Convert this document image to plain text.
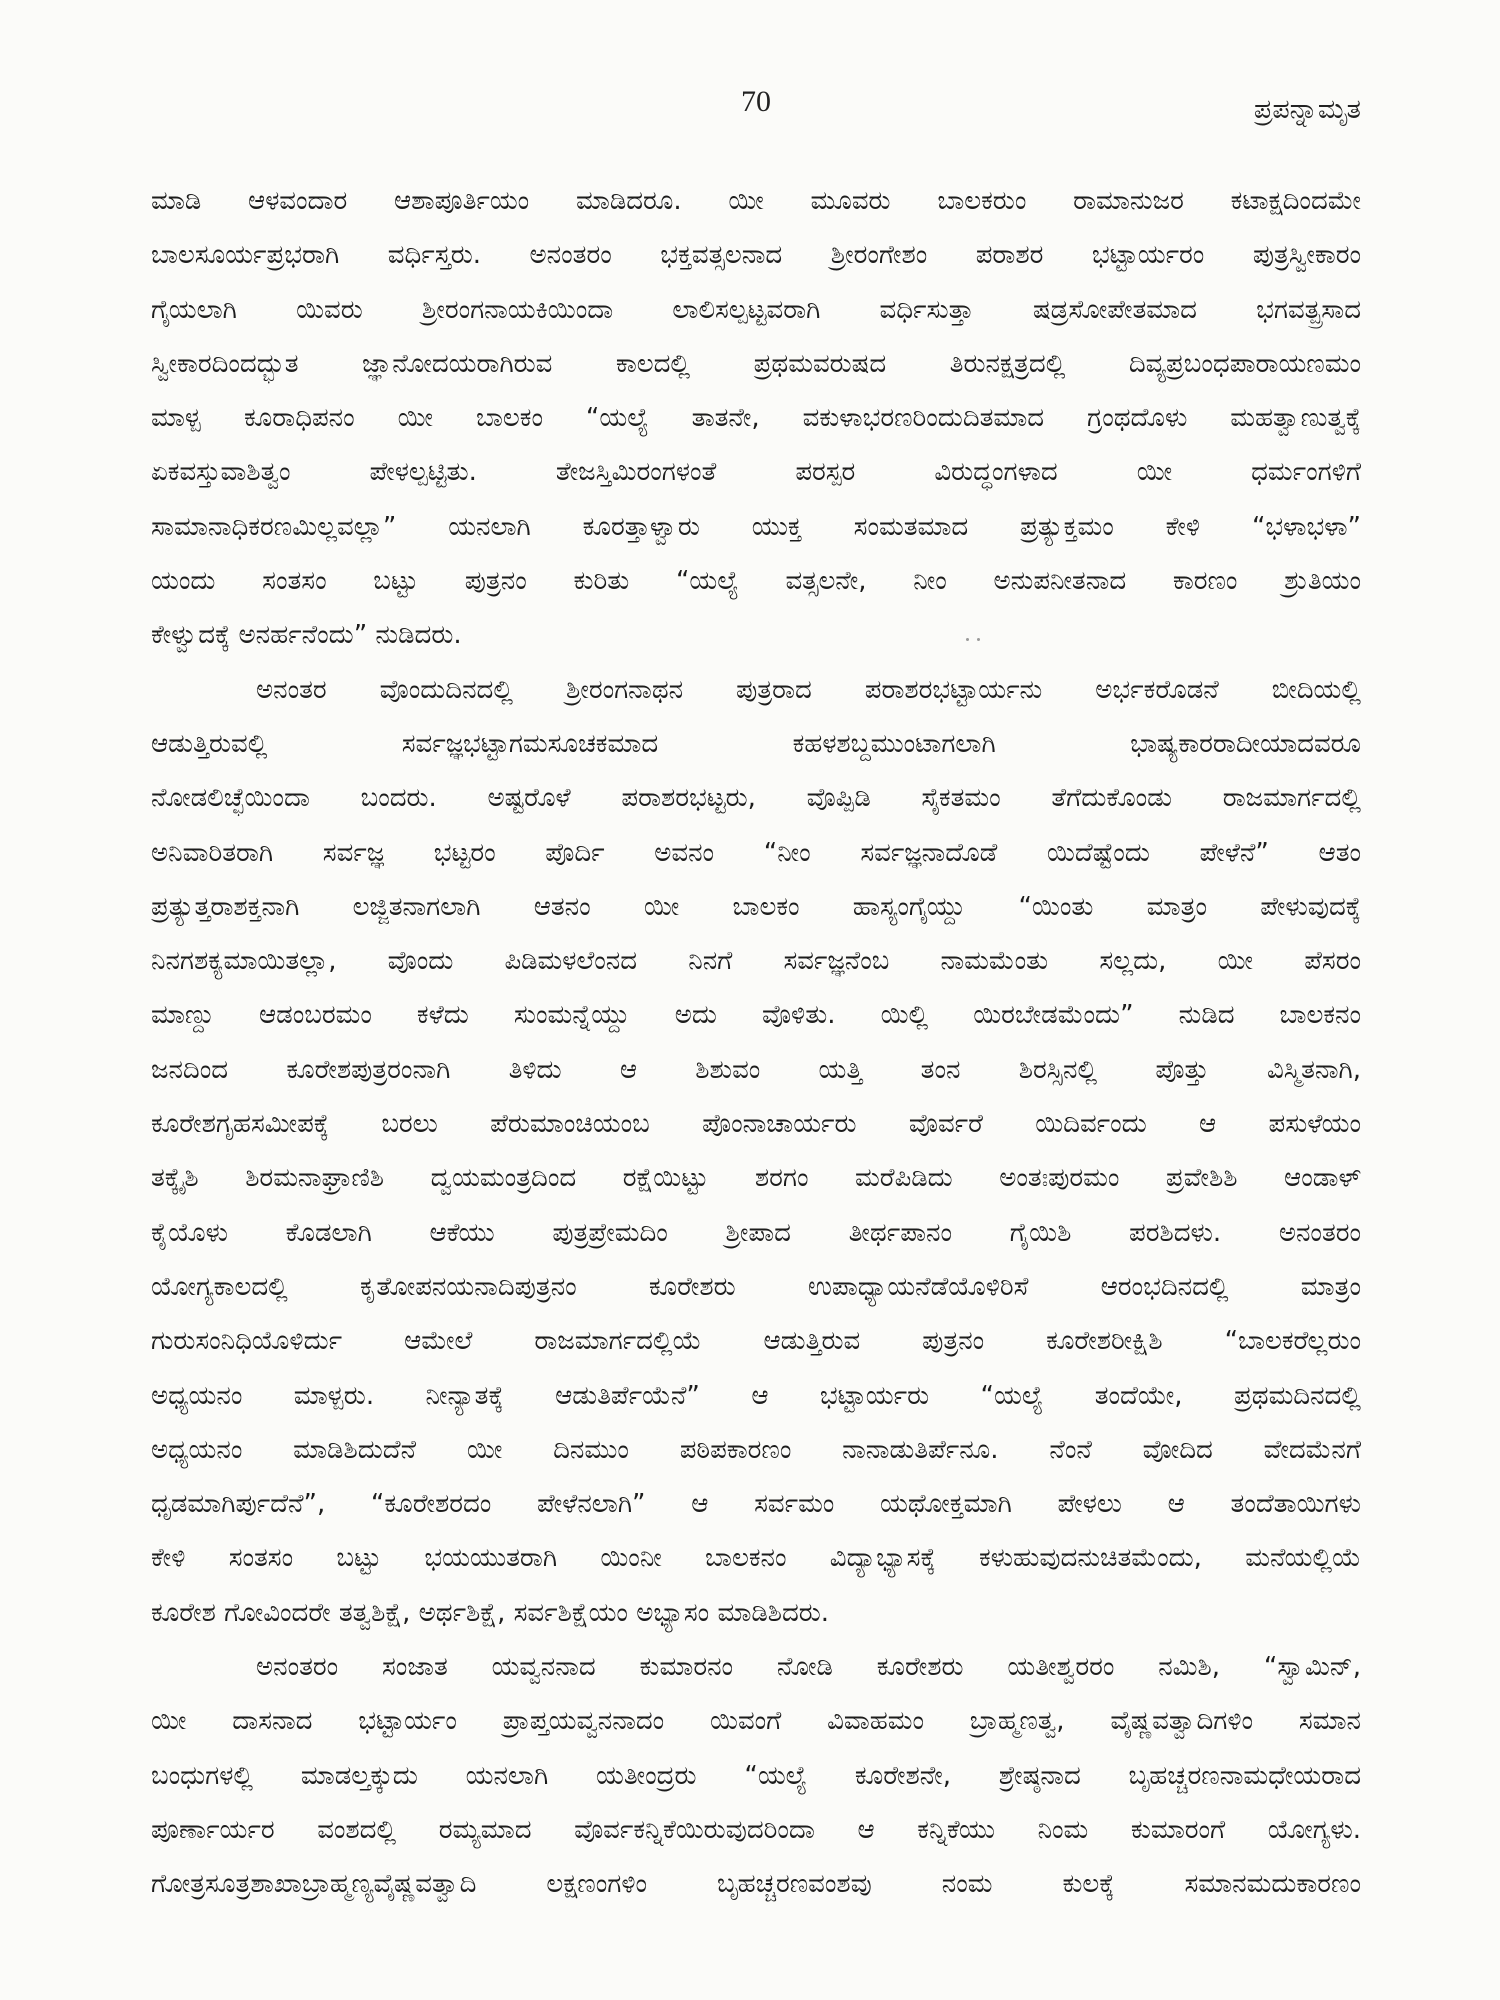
70	ಪ್ರಪನ್ನಾಮೃತ
ಮಾಡಿ ಆಳವಂದಾರ ಆಶಾಪೂರ್ತಿಯಂ ಮಾಡಿದರೂ. ಯೀ ಮೂವರು ಬಾಲಕರುಂ ರಾಮಾನುಜರ ಕಟಾಕ್ಷದಿಂದಮೇ
ಬಾಲಸೂರ್ಯಪ್ರಭರಾಗಿ ವರ್ಧಿಸ್ತರು. ಅನಂತರಂ ಭಕ್ತವತ್ಸಲನಾದ ಶ್ರೀರಂಗೇಶಂ ಪರಾಶರ ಭಟ್ಟಾರ್ಯರಂ ಪುತ್ರಸ್ವೀಕಾರಂ
ಗೈಯಲಾಗಿ ಯಿವರು ಶ್ರೀರಂಗನಾಯಕಿಯಿಂದಾ ಲಾಲಿಸಲ್ಪಟ್ಟವರಾಗಿ ವರ್ಧಿಸುತ್ತಾ ಷಡ್ರಸೋಪೇತಮಾದ ಭಗವತ್ಪ್ರಸಾದ
ಸ್ವೀಕಾರದಿಂದದ್ಭುತ ಜ್ಞಾನೋದಯರಾಗಿರುವ ಕಾಲದಲ್ಲಿ ಪ್ರಥಮವರುಷದ ತಿರುನಕ್ಷತ್ರದಲ್ಲಿ ದಿವ್ಯಪ್ರಬಂಧಪಾರಾಯಣಮಂ
ಮಾಳ್ಪ ಕೂರಾಧಿಪನಂ ಯೀ ಬಾಲಕಂ “ಯಲ್ಯೆ ತಾತನೇ, ವಕುಳಾಭರಣರಿಂದುದಿತಮಾದ ಗ್ರಂಥದೊಳು ಮಹತ್ವಾಣುತ್ವಕ್ಕೆ
ಏಕವಸ್ತುವಾಶಿತ್ವಂ ಪೇಳಲ್ಪಟ್ಟಿತು. ತೇಜಸ್ತಿಮಿರಂಗಳಂತೆ ಪರಸ್ಪರ ವಿರುದ್ಧಂಗಳಾದ ಯೀ ಧರ್ಮಂಗಳಿಗೆ
ಸಾಮಾನಾಧಿಕರಣಮಿಲ್ಲವಲ್ಲಾ” ಯನಲಾಗಿ ಕೂರತ್ತಾಳ್ವಾರು ಯುಕ್ತ ಸಂಮತಮಾದ ಪ್ರತ್ಯುಕ್ತಮಂ ಕೇಳಿ “ಭಳಾಭಳಾ”
ಯಂದು ಸಂತಸಂ ಬಟ್ಟು ಪುತ್ರನಂ ಕುರಿತು “ಯಲ್ಯೆ ವತ್ಸಲನೇ, ನೀಂ ಅನುಪನೀತನಾದ ಕಾರಣಂ ಶ್ರುತಿಯಂ
ಕೇಳ್ವುದಕ್ಕೆ ಅನರ್ಹನೆಂದು” ನುಡಿದರು.
ಅನಂತರ ವೊಂದುದಿನದಲ್ಲಿ ಶ್ರೀರಂಗನಾಥನ ಪುತ್ರರಾದ ಪರಾಶರಭಟ್ಟಾರ್ಯನು ಅರ್ಭಕರೊಡನೆ ಬೀದಿಯಲ್ಲಿ
ಆಡುತ್ತಿರುವಲ್ಲಿ ಸರ್ವಜ್ಞಭಟ್ಟಾಗಮಸೂಚಕಮಾದ ಕಹಳಶಬ್ದಮುಂಟಾಗಲಾಗಿ ಭಾಷ್ಯಕಾರರಾದೀಯಾದವರೂ
ನೋಡಲಿಚ್ಛೆಯಿಂದಾ ಬಂದರು. ಅಷ್ಟರೊಳೆ ಪರಾಶರಭಟ್ಟರು, ವೊಪ್ಪಿಡಿ ಸೈಕತಮಂ ತೆಗೆದುಕೊಂಡು ರಾಜಮಾರ್ಗದಲ್ಲಿ
ಅನಿವಾರಿತರಾಗಿ ಸರ್ವಜ್ಞ ಭಟ್ಟರಂ ಪೊರ್ದಿ ಅವನಂ “ನೀಂ ಸರ್ವಜ್ಞನಾದೊಡೆ ಯಿದೆಷ್ಟೆಂದು ಪೇಳೆನೆ” ಆತಂ
ಪ್ರತ್ಯುತ್ತರಾಶಕ್ತನಾಗಿ ಲಜ್ಜಿತನಾಗಲಾಗಿ ಆತನಂ ಯೀ ಬಾಲಕಂ ಹಾಸ್ಯಂಗೈಯ್ದು “ಯಿಂತು ಮಾತ್ರಂ ಪೇಳುವುದಕ್ಕೆ
ನಿನಗಶಕ್ಯಮಾಯಿತಲ್ಲಾ, ವೊಂದು ಪಿಡಿಮಳಲೆಂನದ ನಿನಗೆ ಸರ್ವಜ್ಞನೆಂಬ ನಾಮಮೆಂತು ಸಲ್ಲದು, ಯೀ ಪೆಸರಂ
ಮಾಣ್ದು ಆಡಂಬರಮಂ ಕಳೆದು ಸುಂಮನ್ನೆಯ್ದು ಅದು ವೊಳಿತು. ಯಿಲ್ಲಿ ಯಿರಬೇಡಮೆಂದು” ನುಡಿದ ಬಾಲಕನಂ
ಜನದಿಂದ ಕೂರೇಶಪುತ್ರರಂನಾಗಿ ತಿಳಿದು ಆ ಶಿಶುವಂ ಯತ್ತಿ ತಂನ ಶಿರಸ್ಸಿನಲ್ಲಿ ಪೊತ್ತು ವಿಸ್ಮಿತನಾಗಿ,
ಕೂರೇಶಗೃಹಸಮೀಪಕ್ಕೆ ಬರಲು ಪೆರುಮಾಂಚಿಯಂಬ ಪೊಂನಾಚಾರ್ಯರು ವೊರ್ವರೆ ಯಿದಿರ್ವಂದು ಆ ಪಸುಳೆಯಂ
ತಕ್ಕೈಶಿ ಶಿರಮನಾಘ್ರಾಣಿಶಿ ದ್ವಯಮಂತ್ರದಿಂದ ರಕ್ಷೆಯಿಟ್ಟು ಶರಗಂ ಮರೆಪಿಡಿದು ಅಂತಃಪುರಮಂ ಪ್ರವೇಶಿಶಿ ಆಂಡಾಳ್
ಕೈಯೊಳು ಕೊಡಲಾಗಿ ಆಕೆಯು ಪುತ್ರಪ್ರೇಮದಿಂ ಶ್ರೀಪಾದ ತೀರ್ಥಪಾನಂ ಗೈಯಿಶಿ ಪರಶಿದಳು. ಅನಂತರಂ
ಯೋಗ್ಯಕಾಲದಲ್ಲಿ ಕೃತೋಪನಯನಾದಿಪುತ್ರನಂ ಕೂರೇಶರು ಉಪಾಧ್ಯಾಯನೆಡೆಯೊಳಿರಿಸೆ ಆರಂಭದಿನದಲ್ಲಿ ಮಾತ್ರಂ
ಗುರುಸಂನಿಧಿಯೊಳಿರ್ದು ಆಮೇಲೆ ರಾಜಮಾರ್ಗದಲ್ಲಿಯೆ ಆಡುತ್ತಿರುವ ಪುತ್ರನಂ ಕೂರೇಶರೀಕ್ಷಿಶಿ “ಬಾಲಕರೆಲ್ಲರುಂ
ಅಧ್ಯಯನಂ ಮಾಳ್ಪರು. ನೀನ್ಯಾತಕ್ಕೆ ಆಡುತಿರ್ಪೆಯೆನೆ” ಆ ಭಟ್ಟಾರ್ಯರು “ಯಲ್ಯೆ ತಂದೆಯೇ, ಪ್ರಥಮದಿನದಲ್ಲಿ
ಅಧ್ಯಯನಂ ಮಾಡಿಶಿದುದೆನೆ ಯೀ ದಿನಮುಂ ಪಠಿಪಕಾರಣಂ ನಾನಾಡುತಿರ್ಪೆನೂ. ನೆಂನೆ ವೋದಿದ ವೇದಮೆನಗೆ
ಧೃಡಮಾಗಿರ್ಪುದೆನೆ”, “ಕೂರೇಶರದಂ ಪೇಳೆನಲಾಗಿ” ಆ ಸರ್ವಮಂ ಯಥೋಕ್ತಮಾಗಿ ಪೇಳಲು ಆ ತಂದೆತಾಯಿಗಳು
ಕೇಳಿ ಸಂತಸಂ ಬಟ್ಟು ಭಯಯುತರಾಗಿ ಯಿಂನೀ ಬಾಲಕನಂ ವಿದ್ಯಾಭ್ಯಾಸಕ್ಕೆ ಕಳುಹುವುದನುಚಿತಮೆಂದು, ಮನೆಯಲ್ಲಿಯೆ
ಕೂರೇಶ ಗೋವಿಂದರೇ ತತ್ವಶಿಕ್ಷೆ, ಅರ್ಥಶಿಕ್ಷೆ, ಸರ್ವಶಿಕ್ಷೆಯಂ ಅಭ್ಯಾಸಂ ಮಾಡಿಶಿದರು.
ಅನಂತರಂ ಸಂಜಾತ ಯವ್ವನನಾದ ಕುಮಾರನಂ ನೋಡಿ ಕೂರೇಶರು ಯತೀಶ್ವರರಂ ನಮಿಶಿ, “ಸ್ವಾಮಿನ್,
ಯೀ ದಾಸನಾದ ಭಟ್ಟಾರ್ಯಂ ಪ್ರಾಪ್ತಯವ್ವನನಾದಂ ಯಿವಂಗೆ ವಿವಾಹಮಂ ಬ್ರಾಹ್ಮಣತ್ವ, ವೈಷ್ಣವತ್ವಾದಿಗಳಿಂ ಸಮಾನ
ಬಂಧುಗಳಲ್ಲಿ ಮಾಡಲ್ತಕ್ಕುದು ಯನಲಾಗಿ ಯತೀಂದ್ರರು “ಯಲ್ಯೆ ಕೂರೇಶನೇ, ಶ್ರೇಷ್ಠನಾದ ಬೃಹಚ್ಚರಣನಾಮಧೇಯರಾದ
ಪೂರ್ಣಾರ್ಯರ ವಂಶದಲ್ಲಿ ರಮ್ಯಮಾದ ವೊರ್ವಕನ್ನಿಕೆಯಿರುವುದರಿಂದಾ ಆ ಕನ್ನಿಕೆಯು ನಿಂಮ ಕುಮಾರಂಗೆ ಯೋಗ್ಯಳು.
ಗೋತ್ರಸೂತ್ರಶಾಖಾಬ್ರಾಹ್ಮಣ್ಯವೈಷ್ಣವತ್ವಾದಿ ಲಕ್ಷಣಂಗಳಿಂ ಬೃಹಚ್ಚರಣವಂಶವು ನಂಮ ಕುಲಕ್ಕೆ ಸಮಾನಮದುಕಾರಣಂ
